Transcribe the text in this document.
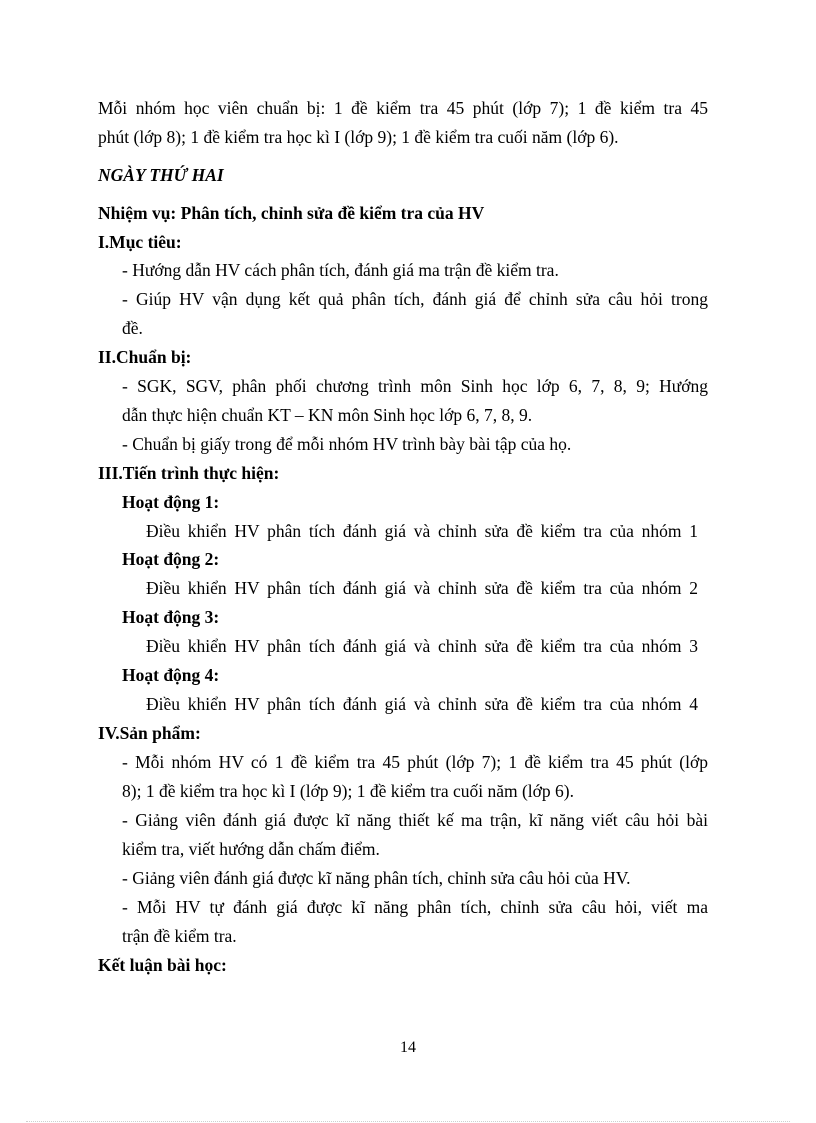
Mỗi nhóm học viên chuẩn bị: 1 đề kiểm tra 45 phút (lớp 7); 1 đề kiểm tra 45
phút (lớp 8); 1 đề kiểm tra học kì I (lớp 9); 1 đề kiểm tra cuối năm (lớp 6).
NGÀY THỨ HAI
Nhiệm vụ: Phân tích, chỉnh sửa đề kiểm tra của HV
I.Mục tiêu:
- Hướng dẫn HV cách phân tích, đánh giá ma trận đề kiểm tra.
- Giúp HV vận dụng kết quả phân tích, đánh giá để chỉnh sửa câu hỏi trong
đề.
II.Chuẩn bị:
- SGK, SGV, phân phối chương trình môn Sinh học lớp 6, 7, 8, 9; Hướng
dẫn thực hiện chuẩn KT – KN môn Sinh học lớp 6, 7, 8, 9.
- Chuẩn bị giấy trong để mỗi nhóm HV trình bày bài tập của họ.
III.Tiến trình thực hiện:
Hoạt động 1:
Điều khiển HV phân tích đánh giá và chỉnh sửa đề kiểm tra của nhóm 1
Hoạt động 2:
Điều khiển HV phân tích đánh giá và chỉnh sửa đề kiểm tra của nhóm 2
Hoạt động 3:
Điều khiển HV phân tích đánh giá và chỉnh sửa đề kiểm tra của nhóm 3
Hoạt động 4:
Điều khiển HV phân tích đánh giá và chỉnh sửa đề kiểm tra của nhóm 4
IV.Sản phẩm:
- Mỗi nhóm HV có 1 đề kiểm tra 45 phút (lớp 7); 1 đề kiểm tra 45 phút (lớp
8); 1 đề kiểm tra học kì I (lớp 9); 1 đề kiểm tra cuối năm (lớp 6).
- Giảng viên đánh giá được kĩ năng thiết kế ma trận, kĩ năng viết câu hỏi bài
kiểm tra, viết hướng dẫn chấm điểm.
- Giảng viên đánh giá được kĩ năng phân tích, chỉnh sửa câu hỏi của HV.
- Mỗi HV tự đánh giá được kĩ năng phân tích, chỉnh sửa câu hỏi, viết ma
trận đề kiểm tra.
Kết luận bài học:
14
